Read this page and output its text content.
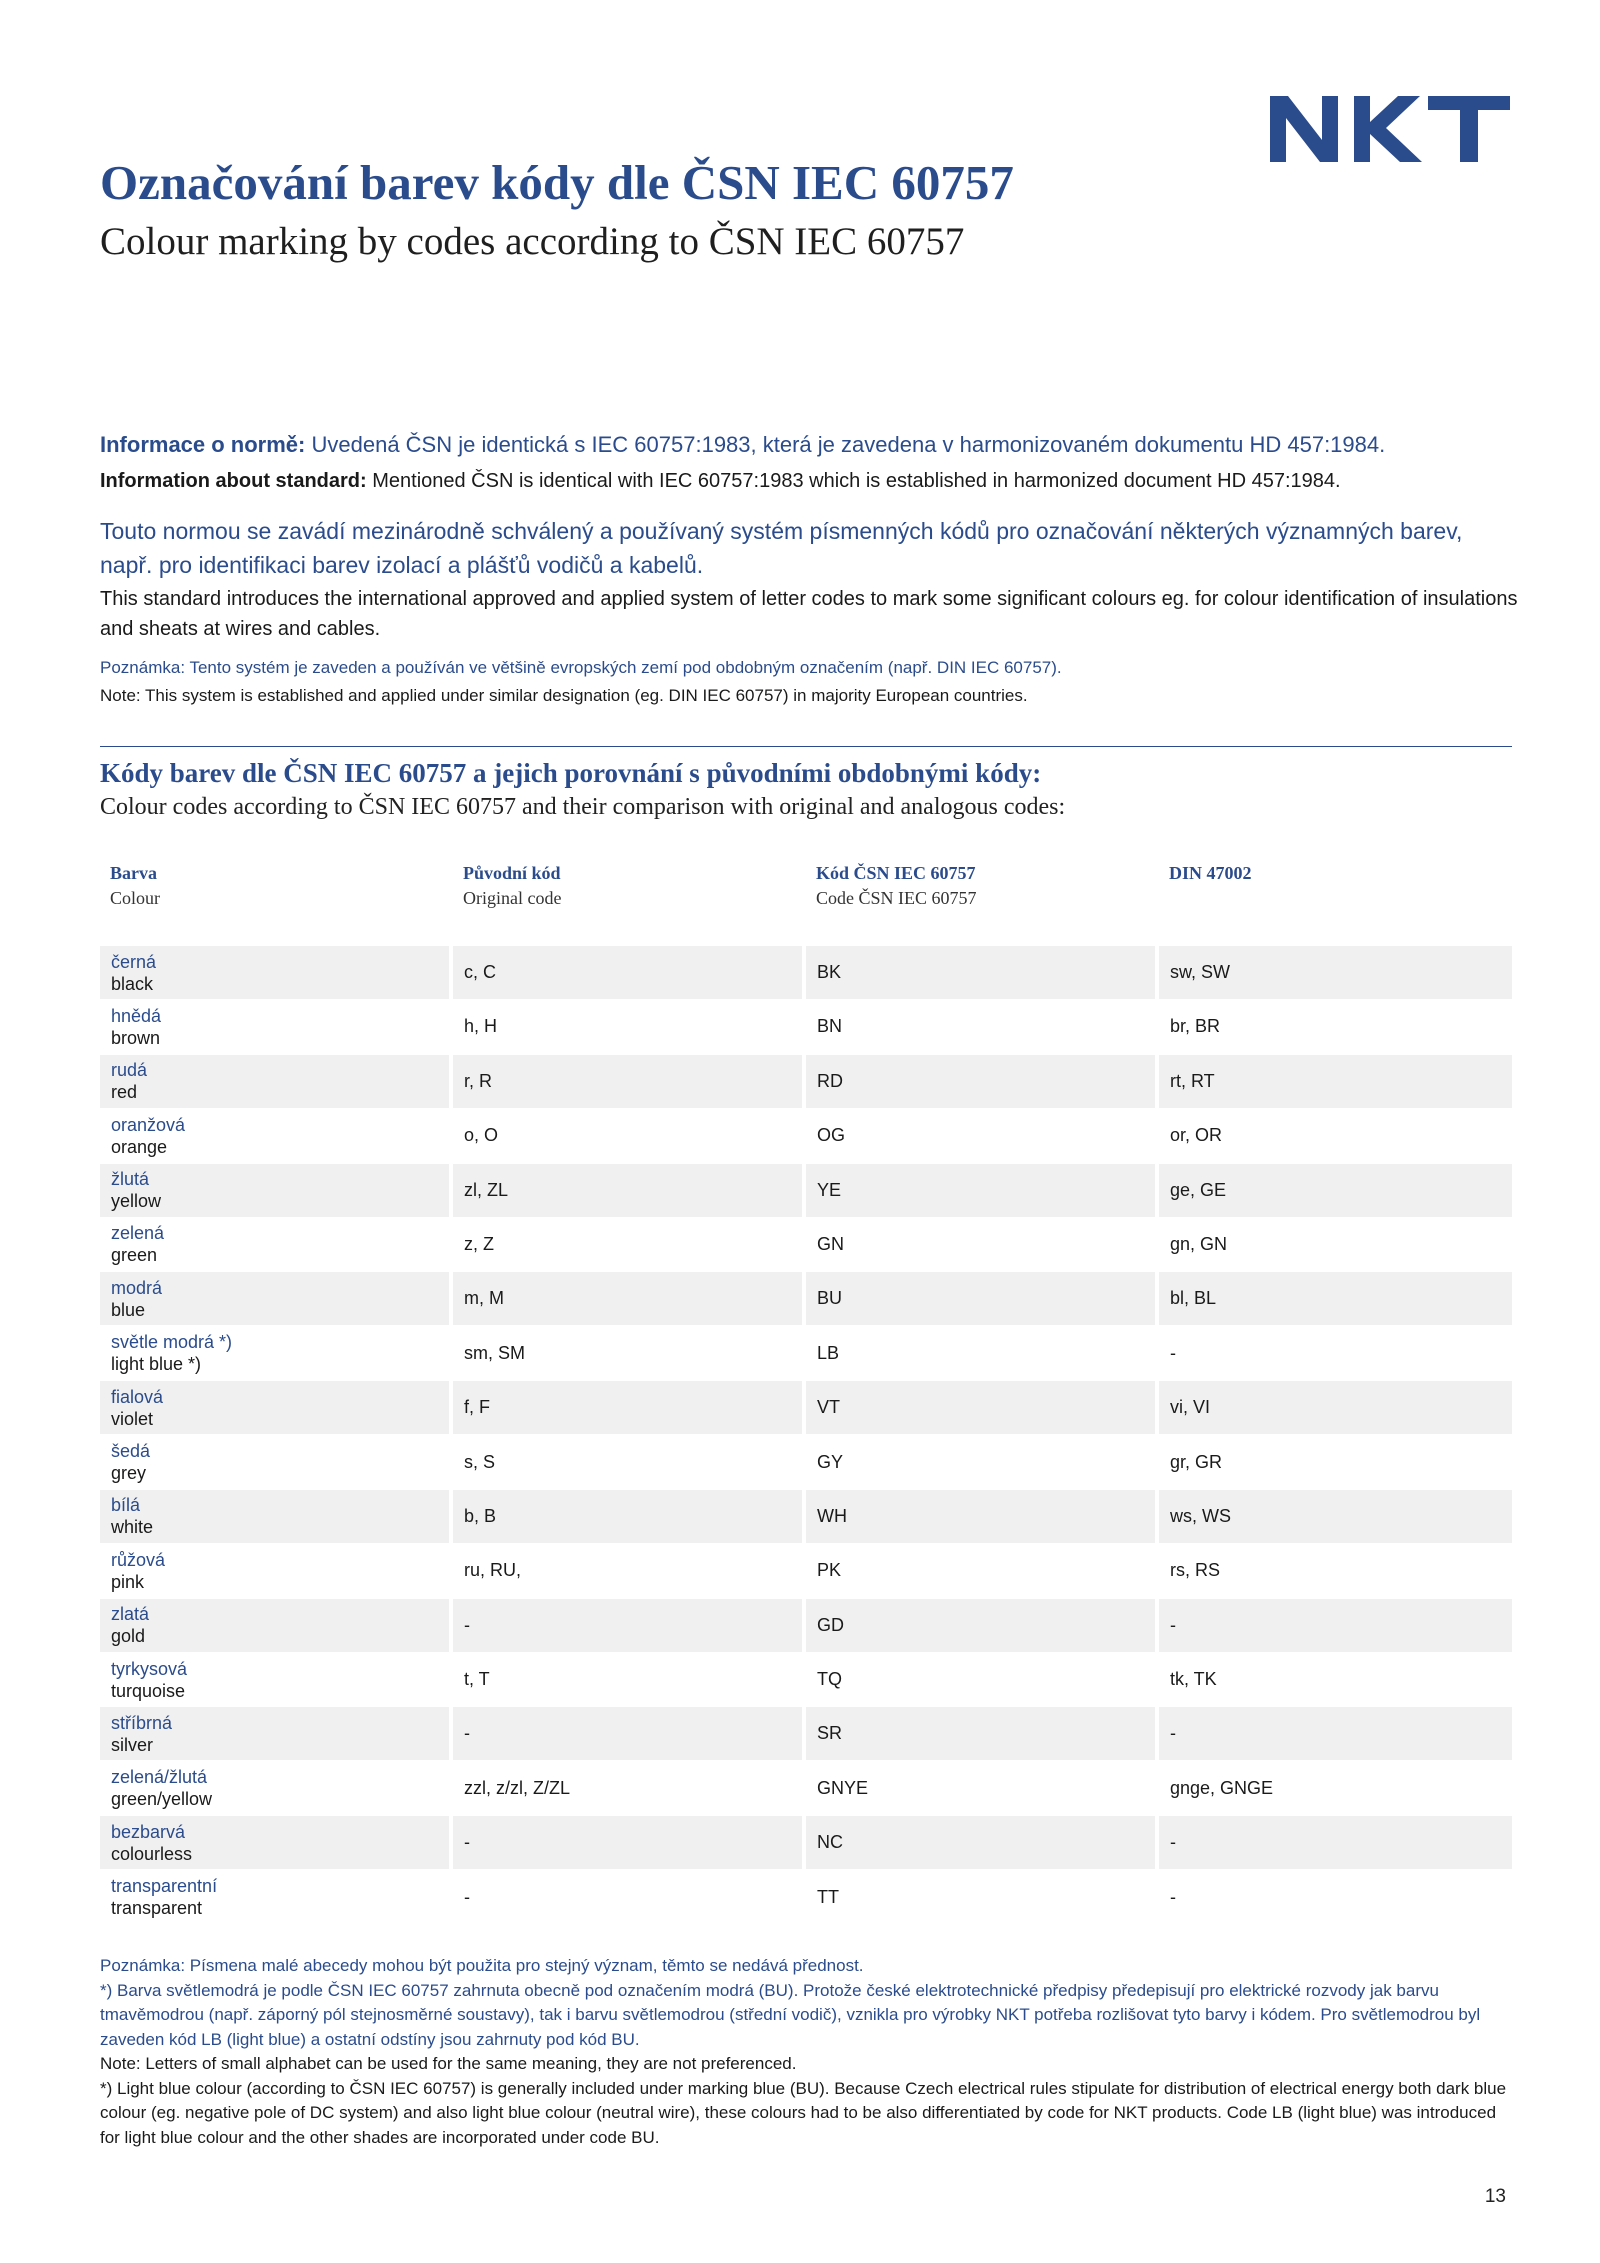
Označování barev kódy dle ČSN IEC 60757
Colour marking by codes according to ČSN IEC 60757

Informace o normě: Uvedená ČSN je identická s IEC 60757:1983, která je zavedena v harmonizovaném dokumentu HD 457:1984.

Information about standard: Mentioned ČSN is identical with IEC 60757:1983 which is established in harmonized document HD 457:1984.

Touto normou se zavádí mezinárodně schválený a používaný systém písmenných kódů pro označování některých významných barev, např. pro identifikaci barev izolací a plášťů vodičů a kabelů.

This standard introduces the international approved and applied system of letter codes to mark some significant colours eg. for colour identification of insulations and sheats at wires and cables.

Poznámka: Tento systém je zaveden a používán ve většině evropských zemí pod obdobným označením (např. DIN IEC 60757).

Note: This system is established and applied under similar designation (eg. DIN IEC 60757) in majority European countries.

Kódy barev dle ČSN IEC 60757 a jejich porovnání s původními obdobnými kódy:
Colour codes according to ČSN IEC 60757 and their comparison with original and analogous codes:
Barva
Colour
Původní kód
Original code
Kód ČSN IEC 60757
Code ČSN IEC 60757
DIN 47002
černá
black
c, C	BK	sw, SW
hnědá
brown
h, H	BN	br, BR
rudá
red
r, R	RD	rt, RT
oranžová
orange
o, O	OG	or, OR
žlutá
yellow
zl, ZL	YE	ge, GE
zelená
green
z, Z	GN	gn, GN
modrá
blue
m, M	BU	bl, BL
světle modrá *)
light blue *)
sm, SM	LB	-
fialová
violet
f, F	VT	vi, VI
šedá
grey
s, S	GY	gr, GR
bílá
white
b, B	WH	ws, WS
růžová
pink
ru, RU,	PK	rs, RS
zlatá
gold
-	GD	-
tyrkysová
turquoise
t, T	TQ	tk, TK
stříbrná
silver
-	SR	-
zelená/žlutá
green/yellow
zzl, z/zl, Z/ZL	GNYE	gnge, GNGE
bezbarvá
colourless
-	NC	-
transparentní
transparent
-	TT	-

Poznámka: Písmena malé abecedy mohou být použita pro stejný význam, těmto se nedává přednost.

*) Barva světlemodrá je podle ČSN IEC 60757 zahrnuta obecně pod označením modrá (BU). Protože české elektrotechnické předpisy předepisují pro elektrické rozvody jak barvu tmavěmodrou (např. záporný pól stejnosměrné soustavy), tak i barvu světlemodrou (střední vodič), vznikla pro výrobky NKT potřeba rozlišovat tyto barvy i kódem. Pro světlemodrou byl zaveden kód LB (light blue) a ostatní odstíny jsou zahrnuty pod kód BU.

Note: Letters of small alphabet can be used for the same meaning, they are not preferenced.

*) Light blue colour (according to ČSN IEC 60757) is generally included under marking blue (BU). Because Czech electrical rules stipulate for distribution of electrical energy both dark blue colour (eg. negative pole of DC system) and also light blue colour (neutral wire), these colours had to be also differentiated by code for NKT products. Code LB (light blue) was introduced for light blue colour and the other shades are incorporated under code BU.

13
